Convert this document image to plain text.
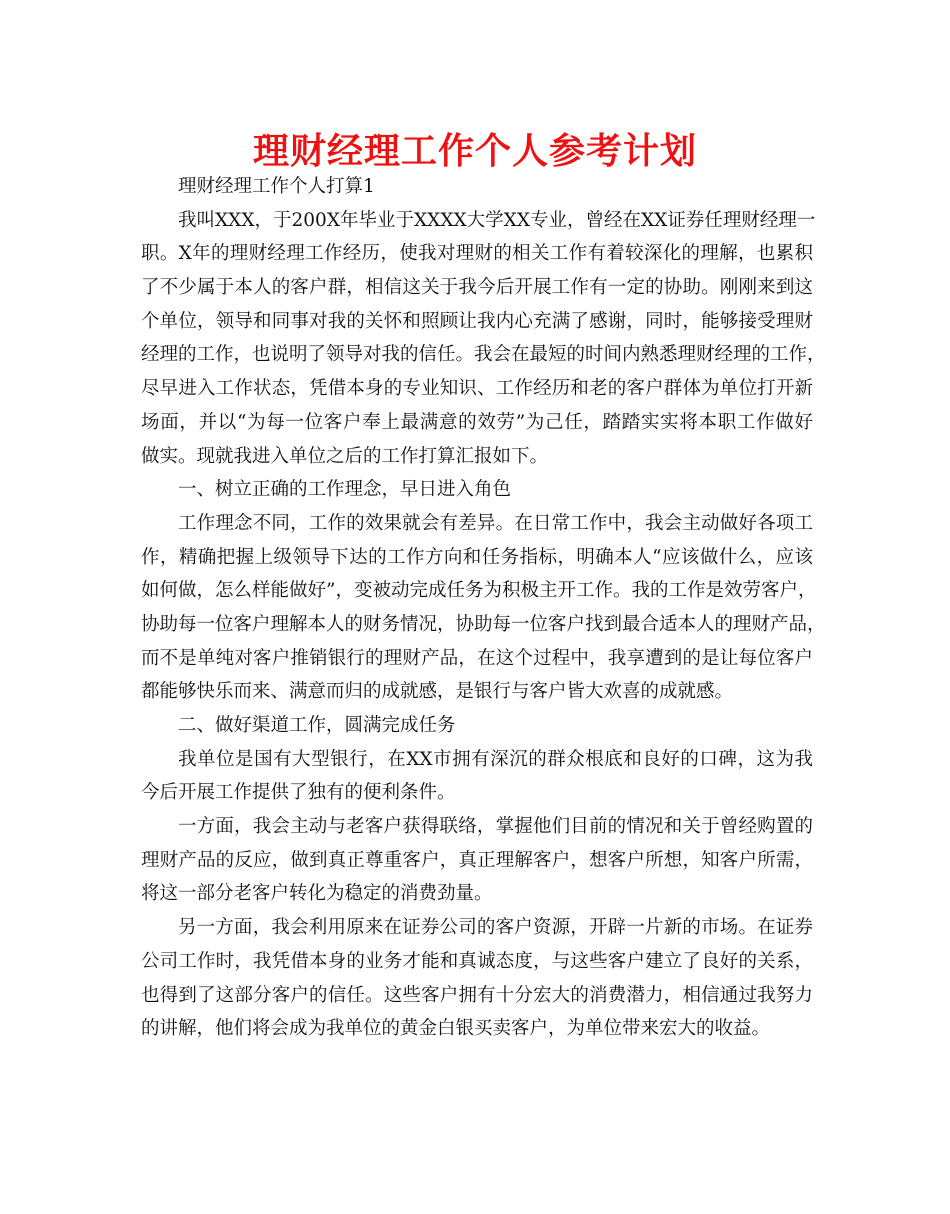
理财经理工作个人参考计划
理财经理工作个人打算1
我叫XXX，于200X年毕业于XXXX大学XX专业，曾经在XX证券任理财经理一
职。X年的理财经理工作经历，使我对理财的相关工作有着较深化的理解，也累积
了不少属于本人的客户群，相信这关于我今后开展工作有一定的协助。刚刚来到这
个单位，领导和同事对我的关怀和照顾让我内心充满了感谢，同时，能够接受理财
经理的工作，也说明了领导对我的信任。我会在最短的时间内熟悉理财经理的工作，
尽早进入工作状态，凭借本身的专业知识、工作经历和老的客户群体为单位打开新
场面，并以“为每一位客户奉上最满意的效劳”为己任，踏踏实实将本职工作做好
做实。现就我进入单位之后的工作打算汇报如下。
一、树立正确的工作理念，早日进入角色
工作理念不同，工作的效果就会有差异。在日常工作中，我会主动做好各项工
作，精确把握上级领导下达的工作方向和任务指标，明确本人“应该做什么，应该
如何做，怎么样能做好”，变被动完成任务为积极主开工作。我的工作是效劳客户，
协助每一位客户理解本人的财务情况，协助每一位客户找到最合适本人的理财产品，
而不是单纯对客户推销银行的理财产品，在这个过程中，我享遭到的是让每位客户
都能够快乐而来、满意而归的成就感，是银行与客户皆大欢喜的成就感。
二、做好渠道工作，圆满完成任务
我单位是国有大型银行，在XX市拥有深沉的群众根底和良好的口碑，这为我
今后开展工作提供了独有的便利条件。
一方面，我会主动与老客户获得联络，掌握他们目前的情况和关于曾经购置的
理财产品的反应，做到真正尊重客户，真正理解客户，想客户所想，知客户所需，
将这一部分老客户转化为稳定的消费劲量。
另一方面，我会利用原来在证券公司的客户资源，开辟一片新的市场。在证券
公司工作时，我凭借本身的业务才能和真诚态度，与这些客户建立了良好的关系，
也得到了这部分客户的信任。这些客户拥有十分宏大的消费潜力，相信通过我努力
的讲解，他们将会成为我单位的黄金白银买卖客户，为单位带来宏大的收益。
